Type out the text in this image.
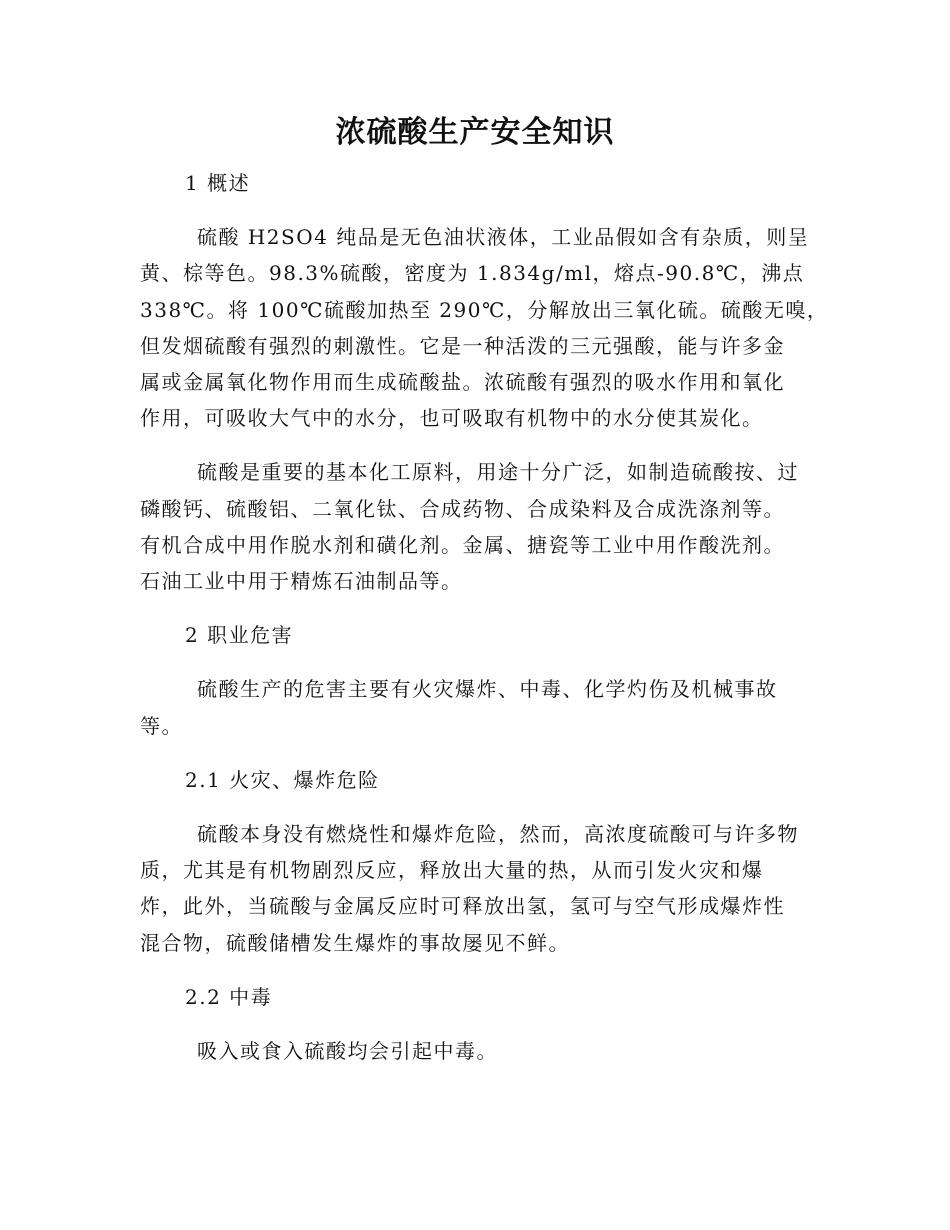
浓硫酸生产安全知识
1 概述
硫酸 H2SO4 纯品是无色油状液体，工业品假如含有杂质，则呈
黄、棕等色。98.3%硫酸，密度为 1.834g/ml，熔点-90.8℃，沸点
338℃。将 100℃硫酸加热至 290℃，分解放出三氧化硫。硫酸无嗅，
但发烟硫酸有强烈的刺激性。它是一种活泼的三元强酸，能与许多金
属或金属氧化物作用而生成硫酸盐。浓硫酸有强烈的吸水作用和氧化
作用，可吸收大气中的水分，也可吸取有机物中的水分使其炭化。
硫酸是重要的基本化工原料，用途十分广泛，如制造硫酸按、过
磷酸钙、硫酸铝、二氧化钛、合成药物、合成染料及合成洗涤剂等。
有机合成中用作脱水剂和磺化剂。金属、搪瓷等工业中用作酸洗剂。
石油工业中用于精炼石油制品等。
2 职业危害
硫酸生产的危害主要有火灾爆炸、中毒、化学灼伤及机械事故
等。
2.1 火灾、爆炸危险
硫酸本身没有燃烧性和爆炸危险，然而，高浓度硫酸可与许多物
质，尤其是有机物剧烈反应，释放出大量的热，从而引发火灾和爆
炸，此外，当硫酸与金属反应时可释放出氢，氢可与空气形成爆炸性
混合物，硫酸储槽发生爆炸的事故屡见不鲜。
2.2 中毒
吸入或食入硫酸均会引起中毒。
